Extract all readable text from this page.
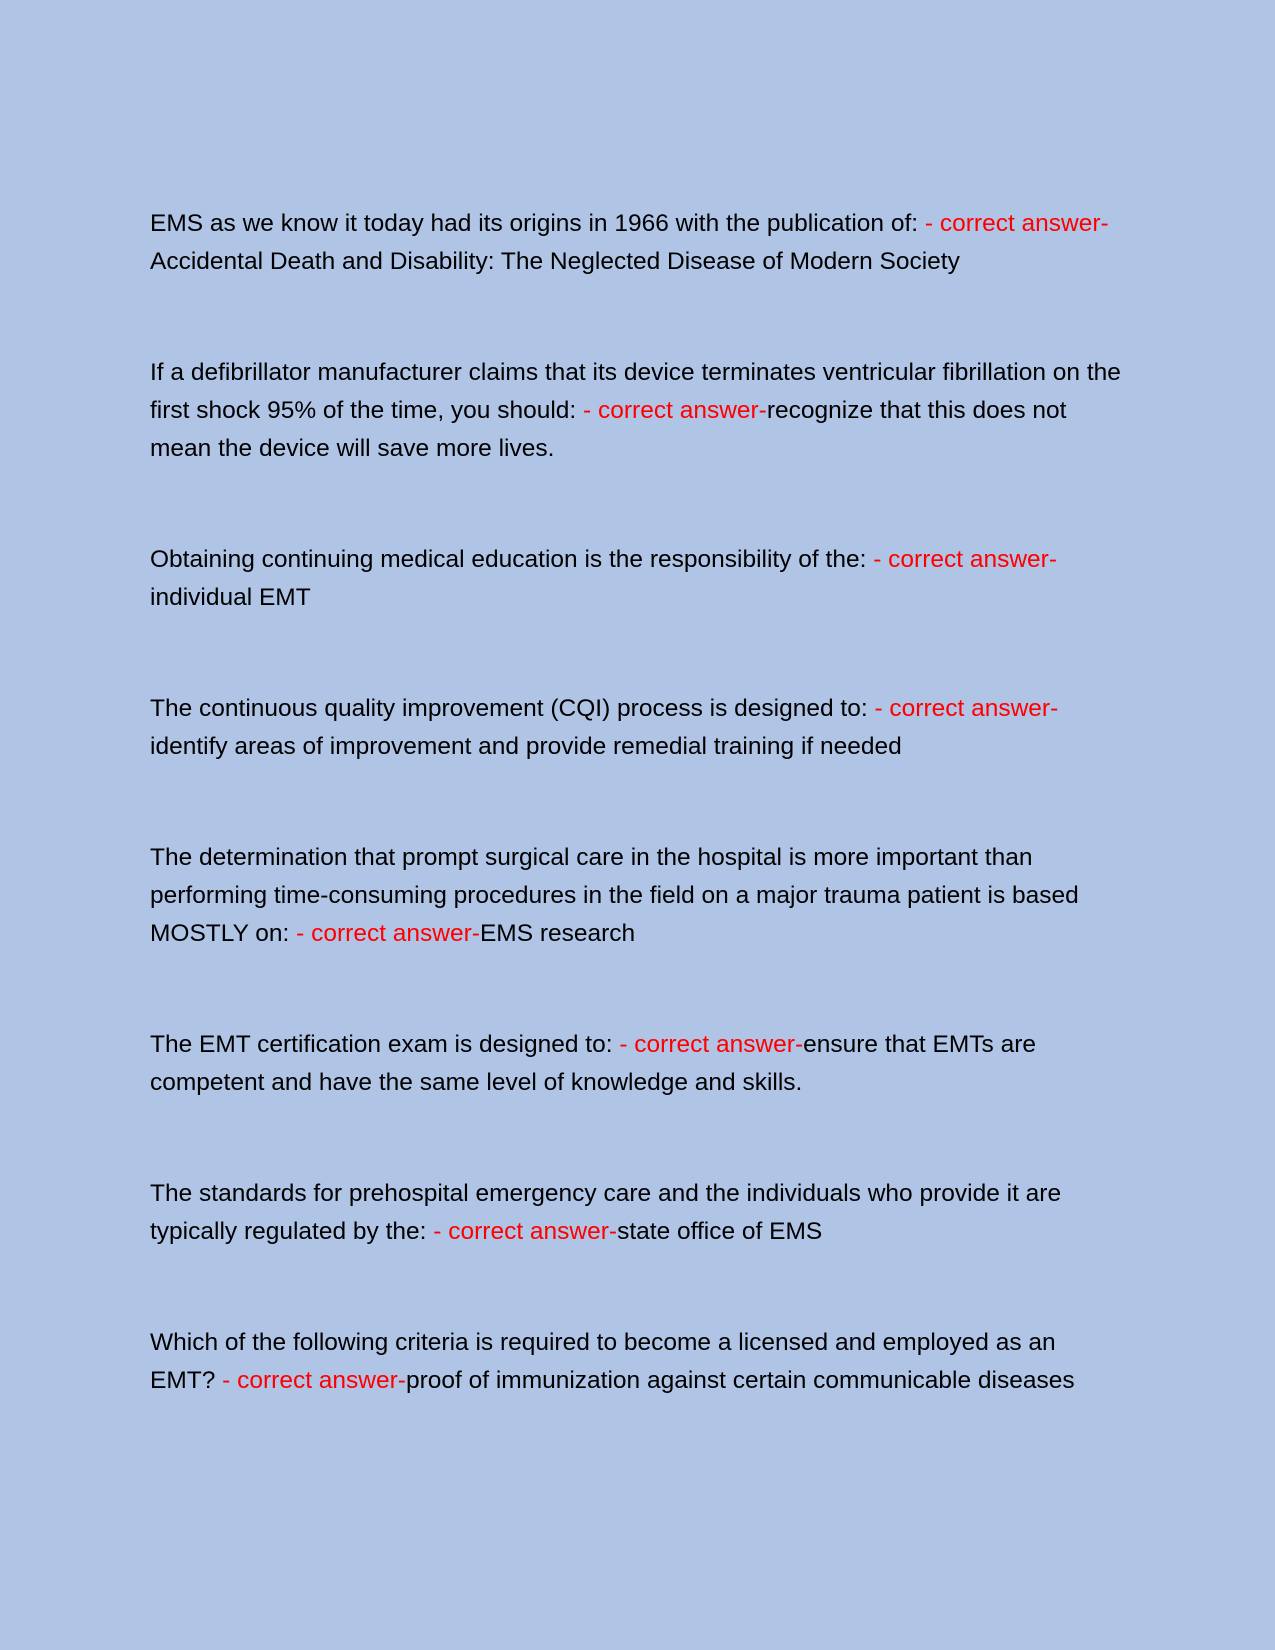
EMS as we know it today had its origins in 1966 with the publication of: - correct answer-Accidental Death and Disability: The Neglected Disease of Modern Society

If a defibrillator manufacturer claims that its device terminates ventricular fibrillation on the first shock 95% of the time, you should: - correct answer-recognize that this does not mean the device will save more lives.

Obtaining continuing medical education is the responsibility of the: - correct answer-individual EMT

The continuous quality improvement (CQI) process is designed to: - correct answer-identify areas of improvement and provide remedial training if needed

The determination that prompt surgical care in the hospital is more important than performing time-consuming procedures in the field on a major trauma patient is based MOSTLY on: - correct answer-EMS research

The EMT certification exam is designed to: - correct answer-ensure that EMTs are competent and have the same level of knowledge and skills.

The standards for prehospital emergency care and the individuals who provide it are typically regulated by the: - correct answer-state office of EMS

Which of the following criteria is required to become a licensed and employed as an EMT? - correct answer-proof of immunization against certain communicable diseases
